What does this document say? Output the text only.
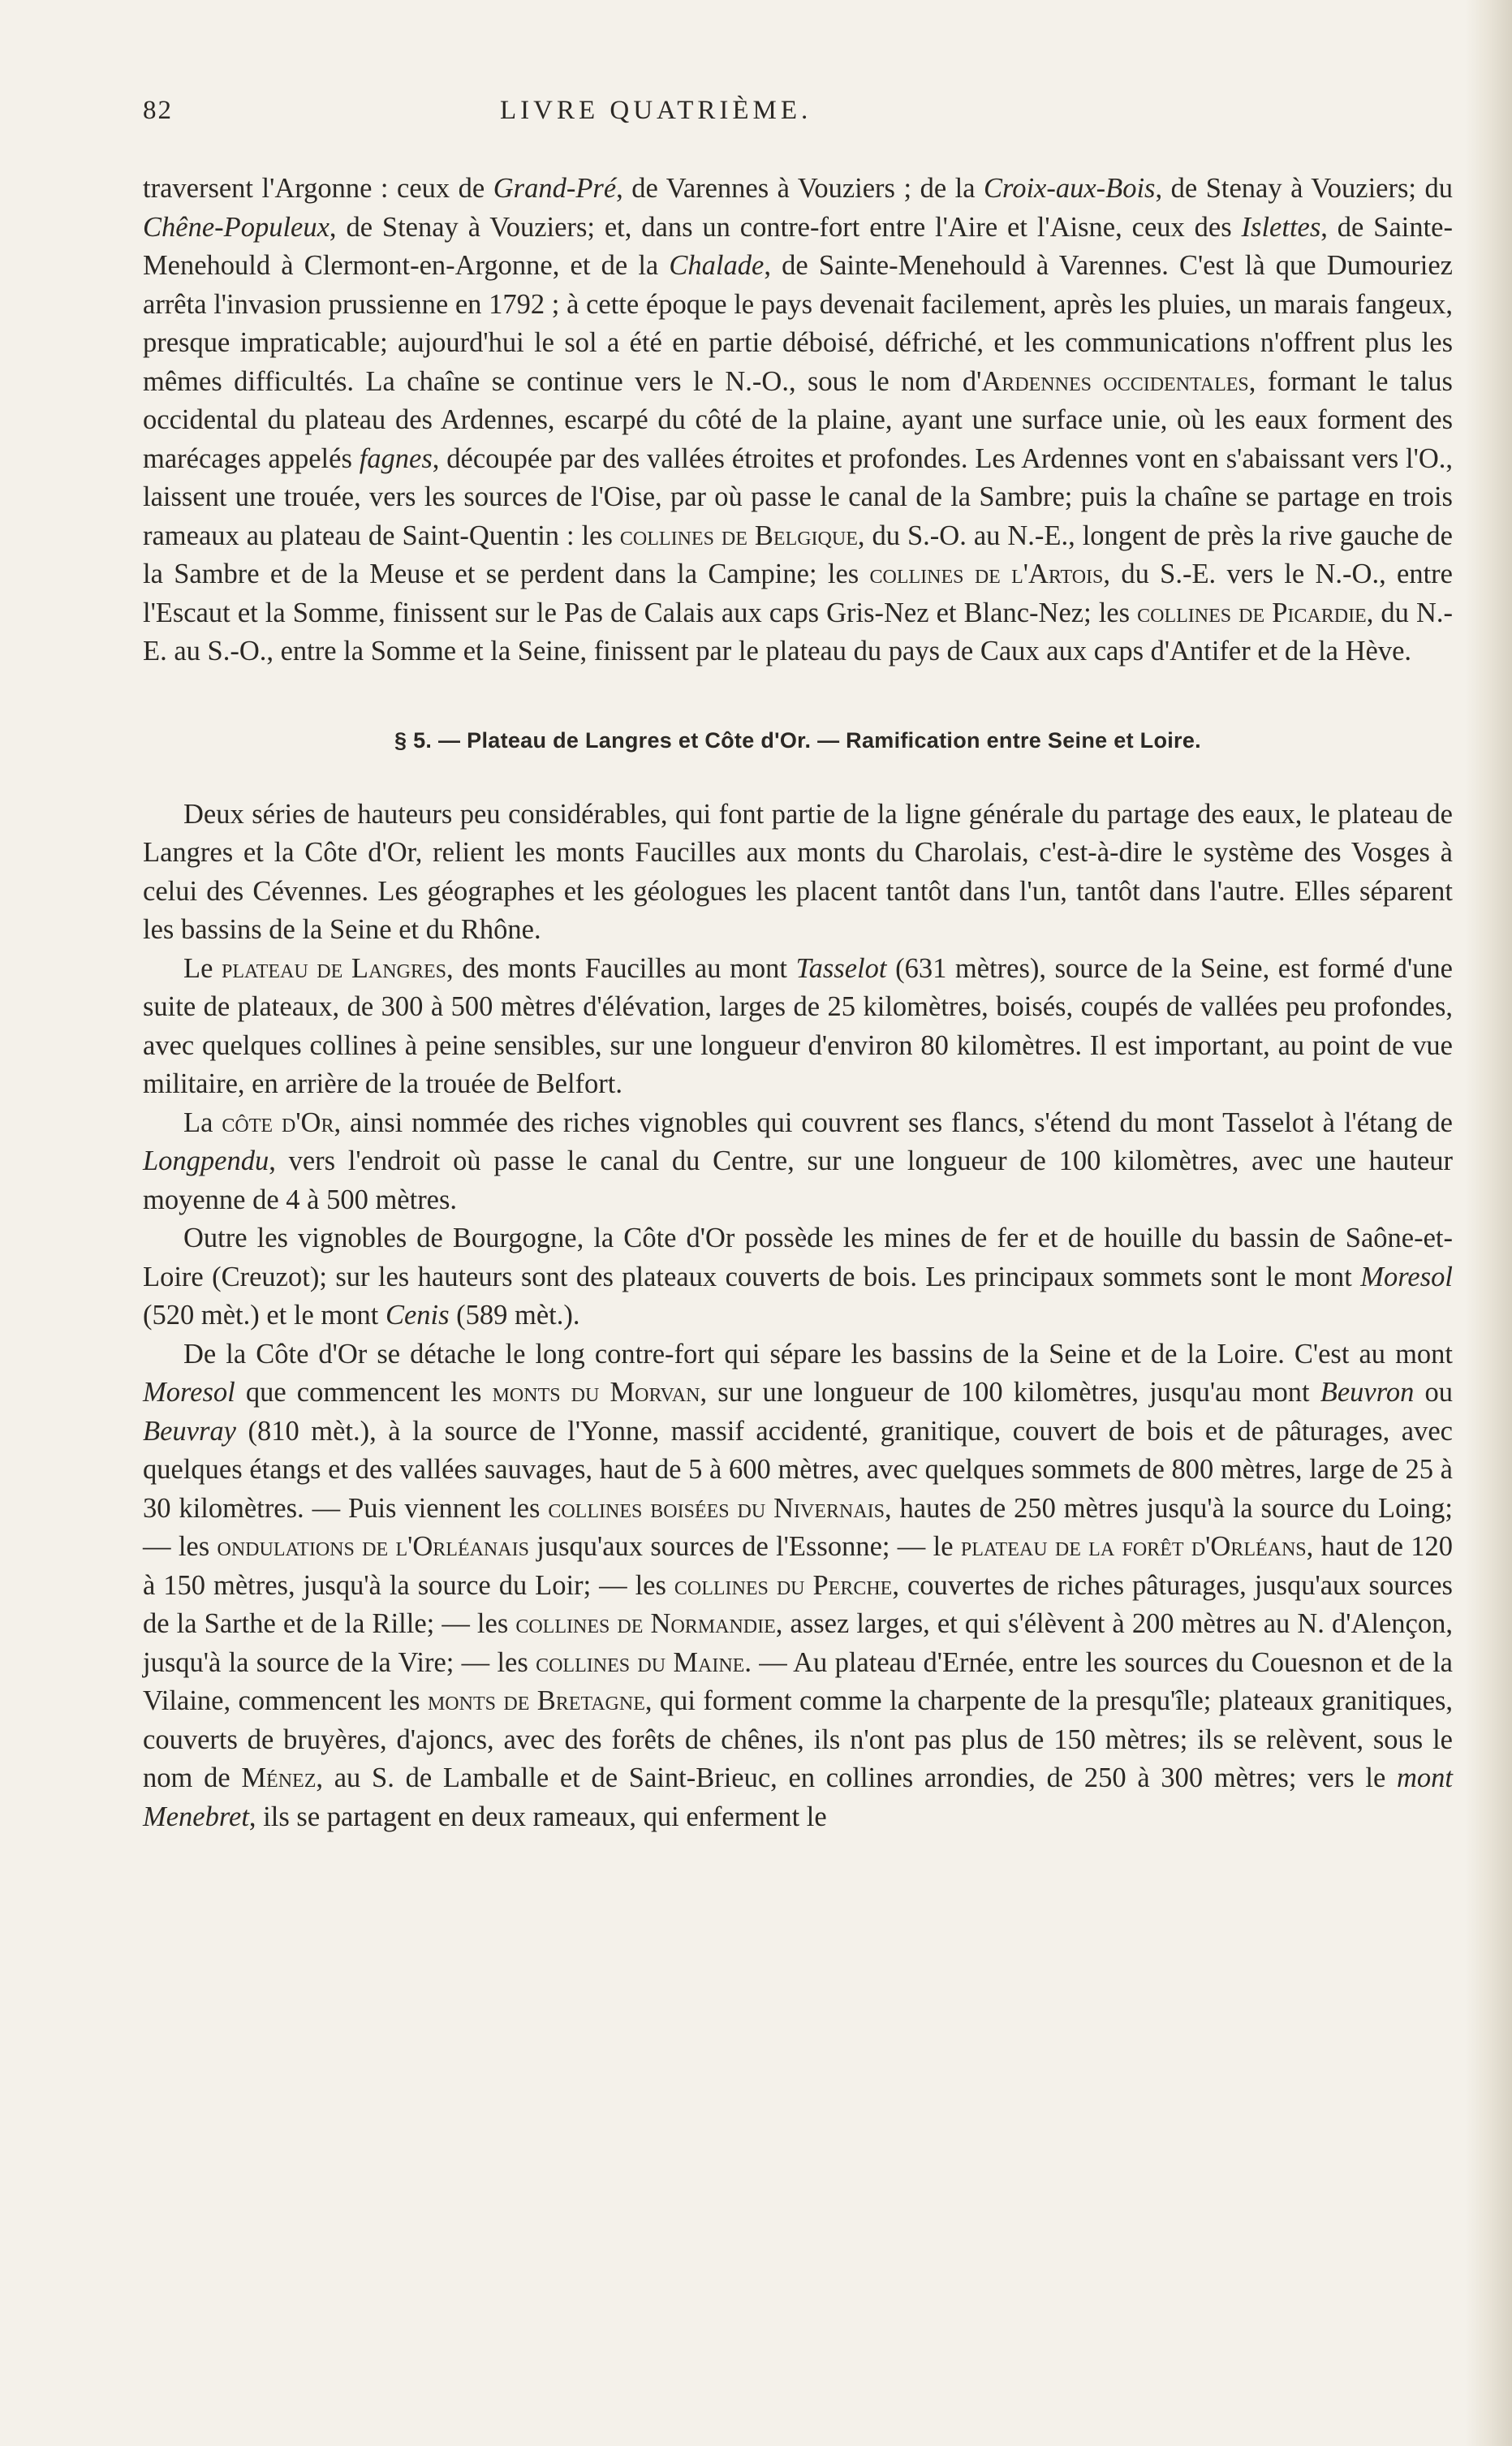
82	LIVRE QUATRIÈME.

traversent l'Argonne : ceux de Grand-Pré, de Varennes à Vouziers ; de la Croix-aux-Bois, de Stenay à Vouziers; du Chêne-Populeux, de Stenay à Vouziers; et, dans un contre-fort entre l'Aire et l'Aisne, ceux des Islettes, de Sainte-Menehould à Clermont-en-Argonne, et de la Chalade, de Sainte-Menehould à Varennes. C'est là que Dumouriez arrêta l'invasion prussienne en 1792 ; à cette époque le pays devenait facilement, après les pluies, un marais fangeux, presque impraticable; aujourd'hui le sol a été en partie déboisé, défriché, et les communications n'offrent plus les mêmes difficultés. La chaîne se continue vers le N.-O., sous le nom d'Ardennes occidentales, formant le talus occidental du plateau des Ardennes, escarpé du côté de la plaine, ayant une surface unie, où les eaux forment des marécages appelés fagnes, découpée par des vallées étroites et profondes. Les Ardennes vont en s'abaissant vers l'O., laissent une trouée, vers les sources de l'Oise, par où passe le canal de la Sambre; puis la chaîne se partage en trois rameaux au plateau de Saint-Quentin : les collines de Belgique, du S.-O. au N.-E., longent de près la rive gauche de la Sambre et de la Meuse et se perdent dans la Campine; les collines de l'Artois, du S.-E. vers le N.-O., entre l'Escaut et la Somme, finissent sur le Pas de Calais aux caps Gris-Nez et Blanc-Nez; les collines de Picardie, du N.-E. au S.-O., entre la Somme et la Seine, finissent par le plateau du pays de Caux aux caps d'Antifer et de la Hève.

§ 5. — Plateau de Langres et Côte d'Or. — Ramification entre Seine et Loire.

Deux séries de hauteurs peu considérables, qui font partie de la ligne générale du partage des eaux, le plateau de Langres et la Côte d'Or, relient les monts Faucilles aux monts du Charolais, c'est-à-dire le système des Vosges à celui des Cévennes. Les géographes et les géologues les placent tantôt dans l'un, tantôt dans l'autre. Elles séparent les bassins de la Seine et du Rhône.

Le plateau de Langres, des monts Faucilles au mont Tasselot (631 mètres), source de la Seine, est formé d'une suite de plateaux, de 300 à 500 mètres d'élévation, larges de 25 kilomètres, boisés, coupés de vallées peu profondes, avec quelques collines à peine sensibles, sur une longueur d'environ 80 kilomètres. Il est important, au point de vue militaire, en arrière de la trouée de Belfort.

La côte d'Or, ainsi nommée des riches vignobles qui couvrent ses flancs, s'étend du mont Tasselot à l'étang de Longpendu, vers l'endroit où passe le canal du Centre, sur une longueur de 100 kilomètres, avec une hauteur moyenne de 4 à 500 mètres.

Outre les vignobles de Bourgogne, la Côte d'Or possède les mines de fer et de houille du bassin de Saône-et-Loire (Creuzot); sur les hauteurs sont des plateaux couverts de bois. Les principaux sommets sont le mont Moresol (520 mèt.) et le mont Cenis (589 mèt.).

De la Côte d'Or se détache le long contre-fort qui sépare les bassins de la Seine et de la Loire. C'est au mont Moresol que commencent les monts du Morvan, sur une longueur de 100 kilomètres, jusqu'au mont Beuvron ou Beuvray (810 mèt.), à la source de l'Yonne, massif accidenté, granitique, couvert de bois et de pâturages, avec quelques étangs et des vallées sauvages, haut de 5 à 600 mètres, avec quelques sommets de 800 mètres, large de 25 à 30 kilomètres. — Puis viennent les collines boisées du Nivernais, hautes de 250 mètres jusqu'à la source du Loing; — les ondulations de l'Orléanais jusqu'aux sources de l'Essonne; — le plateau de la forêt d'Orléans, haut de 120 à 150 mètres, jusqu'à la source du Loir; — les collines du Perche, couvertes de riches pâturages, jusqu'aux sources de la Sarthe et de la Rille; — les collines de Normandie, assez larges, et qui s'élèvent à 200 mètres au N. d'Alençon, jusqu'à la source de la Vire; — les collines du Maine. — Au plateau d'Ernée, entre les sources du Couesnon et de la Vilaine, commencent les monts de Bretagne, qui forment comme la charpente de la presqu'île; plateaux granitiques, couverts de bruyères, d'ajoncs, avec des forêts de chênes, ils n'ont pas plus de 150 mètres; ils se relèvent, sous le nom de Ménez, au S. de Lamballe et de Saint-Brieuc, en collines arrondies, de 250 à 300 mètres; vers le mont Menebret, ils se partagent en deux rameaux, qui enferment le
